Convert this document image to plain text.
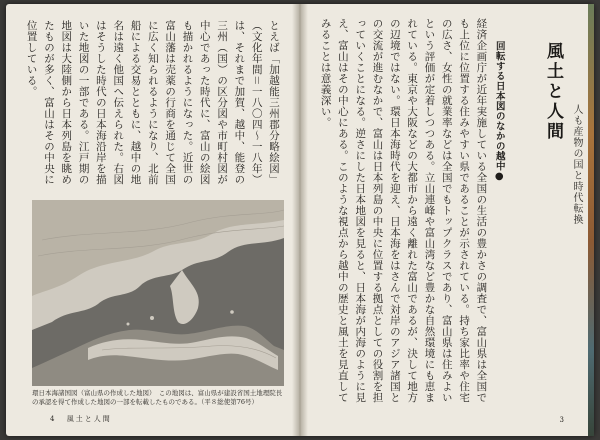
とえば「加越能三州郡分略絵図」（文化年間＝一八〇四〜一八年）は、それまで加賀、越中、能登の三州（国）の区分図や市町村図が中心であった時代に、富山の絵図も描かれるようになった。近世の富山藩は売薬の行商を通じて全国に広く知られるようになり、北前船による交易とともに、越中の地名は遠く他国へ伝えられた。右図はそうした時代の日本海沿岸を描いた地図の一部である。江戸期の地図は大陸側から日本列島を眺めたものが多く、富山はその中央に位置している。
環日本海諸国図（富山県の作成した地図）　この地図は、富山県が建設省国土地理院長の承認を得て作成した地図の一部を転載したものである。（平８総使第76号）
4 風土と人間
風土と人間
人も産物の国と時代転換

回転する日本図のなかの越中●
経済企画庁が近年実施している全国の生活の豊かさの調査で、富山県は全国でも上位に位置する住みやすい県であることが示されている。持ち家比率や住宅の広さ、女性の就業率などは全国でもトップクラスであり、富山県は住みよいという評価が定着しつつある。立山連峰や富山湾など豊かな自然環境にも恵まれている。東京や大阪などの大都市から遠く離れた富山であるが、決して地方の辺境ではない。環日本海時代を迎え、日本海をはさんで対岸のアジア諸国との交流が進むなかで、富山は日本列島の中央に位置する拠点としての役割を担っていくことになる。逆さにした日本地図を見ると、日本海が内海のように見え、富山はその中心にある。このような視点から越中の歴史と風土を見直してみることは意義深い。

3
